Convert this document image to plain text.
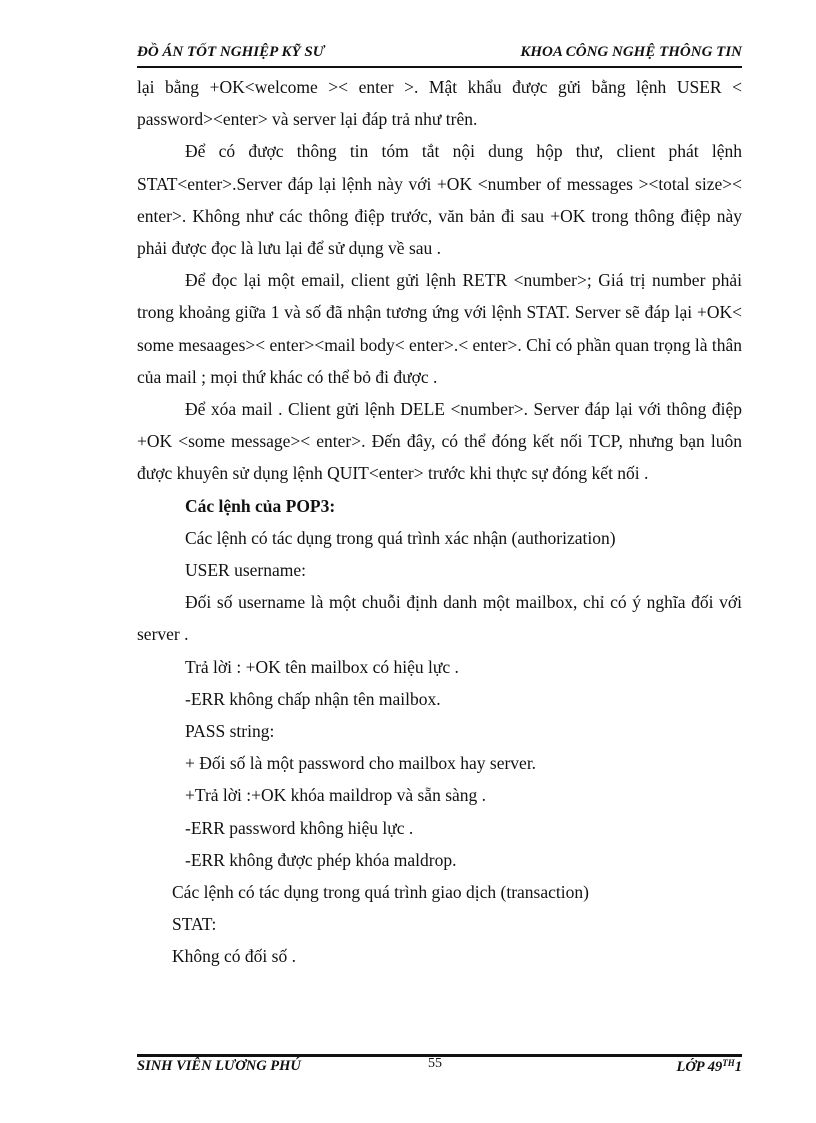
ĐỒ ÁN TỐT NGHIỆP KỸ SƯ	KHOA CÔNG NGHỆ THÔNG TIN

lại bằng +OK<welcome >< enter >. Mật khẩu được gửi bằng lệnh USER < password><enter> và server lại đáp trả như trên.

Để có được thông tin tóm tắt nội dung hộp thư, client phát lệnh STAT<enter>.Server đáp lại lệnh này với +OK <number of messages ><total size>< enter>. Không như các thông điệp trước, văn bản đi sau +OK trong thông điệp này phải được đọc là lưu lại để sử dụng về sau .

Để đọc lại một email, client gửi lệnh RETR <number>; Giá trị number phải trong khoảng giữa 1 và số đã nhận tương ứng với lệnh STAT. Server sẽ đáp lại +OK< some mesaages>< enter><mail body< enter>.< enter>. Chỉ có phần quan trọng là thân của mail ; mọi thứ khác có thể bỏ đi được .

Để xóa mail . Client gửi lệnh DELE <number>. Server đáp lại với thông điệp +OK <some message>< enter>. Đến đây, có thể đóng kết nối TCP, nhưng bạn luôn được khuyên sử dụng lệnh QUIT<enter> trước khi thực sự đóng kết nối .

Các lệnh của POP3:

Các lệnh có tác dụng trong quá trình xác nhận (authorization)

USER username:

Đối số username là một chuỗi định danh một mailbox, chỉ có ý nghĩa đối với server .

Trả lời : +OK tên mailbox có hiệu lực .

-ERR không chấp nhận tên mailbox.

PASS string:

+ Đối số là một password cho mailbox hay server.

+Trả lời :+OK khóa maildrop và sẵn sàng .

-ERR password không hiệu lực .

-ERR không được phép khóa maldrop.

Các lệnh có tác dụng trong quá trình giao dịch (transaction)

STAT:

Không có đối số .

SINH VIÊN LƯƠNG PHÚ	55	LỚP 49TH1
